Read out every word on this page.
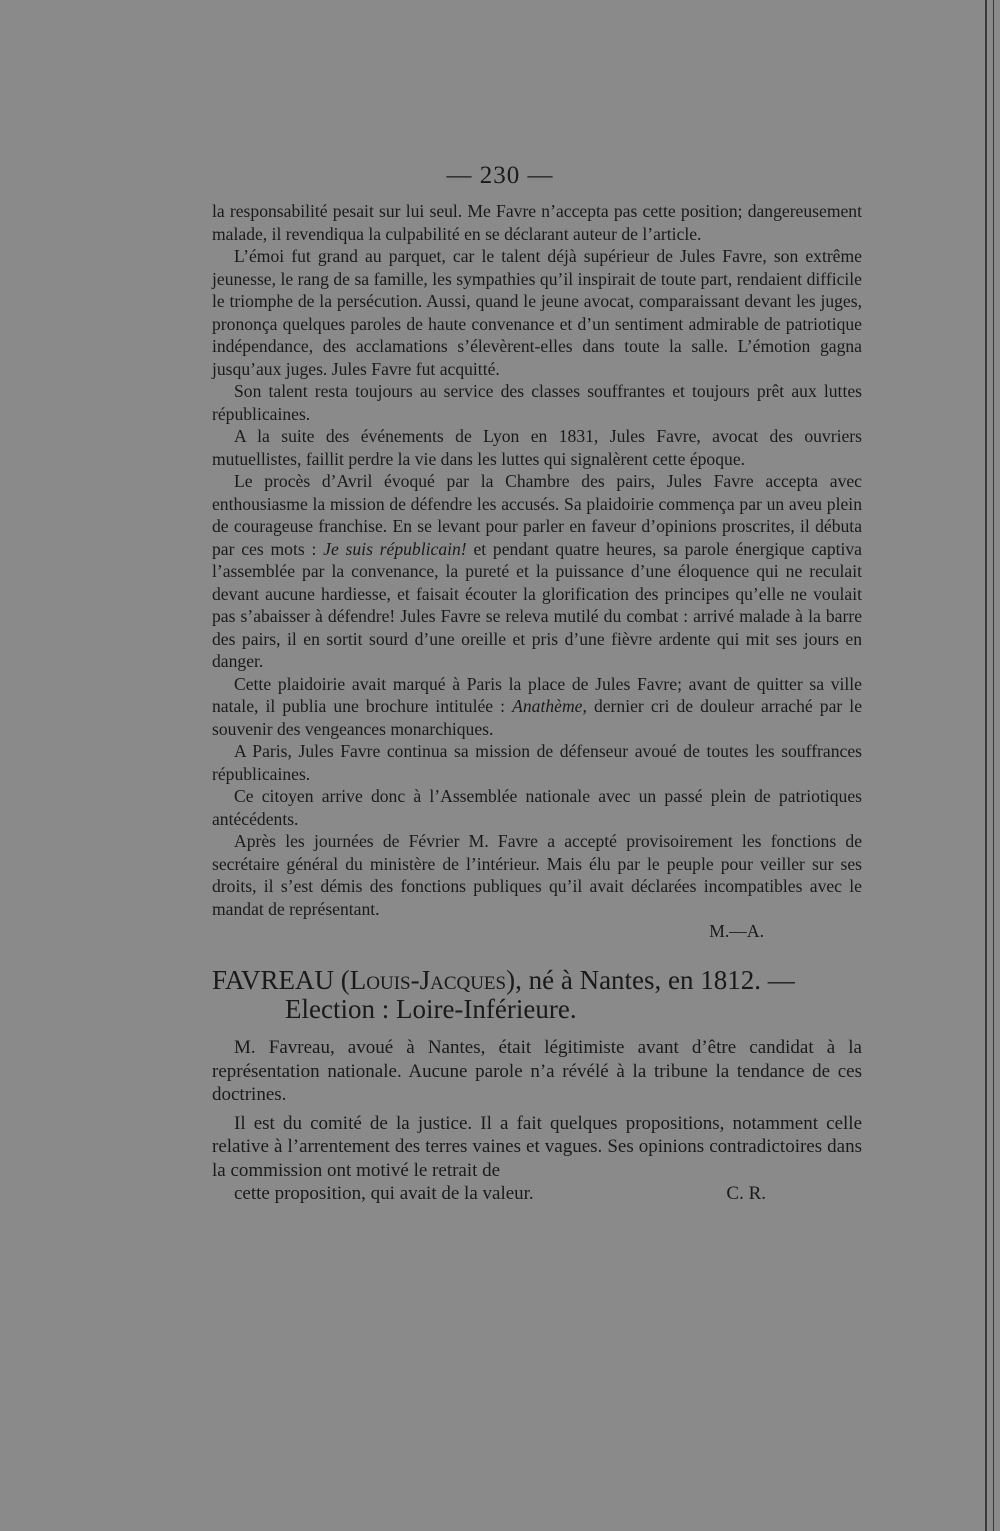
— 230 —

la responsabilité pesait sur lui seul. Me Favre n’accepta pas cette position; dangereusement malade, il revendiqua la culpabilité en se déclarant auteur de l’article.

L’émoi fut grand au parquet, car le talent déjà supérieur de Jules Favre, son extrême jeunesse, le rang de sa famille, les sympathies qu’il inspirait de toute part, rendaient difficile le triomphe de la persécution. Aussi, quand le jeune avocat, comparaissant devant les juges, prononça quelques paroles de haute convenance et d’un sentiment admirable de patriotique indépendance, des acclamations s’élevèrent-elles dans toute la salle. L’émotion gagna jusqu’aux juges. Jules Favre fut acquitté.

Son talent resta toujours au service des classes souffrantes et toujours prêt aux luttes républicaines.

A la suite des événements de Lyon en 1831, Jules Favre, avocat des ouvriers mutuellistes, faillit perdre la vie dans les luttes qui signalèrent cette époque.

Le procès d’Avril évoqué par la Chambre des pairs, Jules Favre accepta avec enthousiasme la mission de défendre les accusés. Sa plaidoirie commença par un aveu plein de courageuse franchise. En se levant pour parler en faveur d’opinions proscrites, il débuta par ces mots : Je suis républicain! et pendant quatre heures, sa parole énergique captiva l’assemblée par la convenance, la pureté et la puissance d’une éloquence qui ne reculait devant aucune hardiesse, et faisait écouter la glorification des principes qu’elle ne voulait pas s’abaisser à défendre! Jules Favre se releva mutilé du combat : arrivé malade à la barre des pairs, il en sortit sourd d’une oreille et pris d’une fièvre ardente qui mit ses jours en danger.

Cette plaidoirie avait marqué à Paris la place de Jules Favre; avant de quitter sa ville natale, il publia une brochure intitulée : Anathème, dernier cri de douleur arraché par le souvenir des vengeances monarchiques.

A Paris, Jules Favre continua sa mission de défenseur avoué de toutes les souffrances républicaines.

Ce citoyen arrive donc à l’Assemblée nationale avec un passé plein de patriotiques antécédents.

Après les journées de Février M. Favre a accepté provisoirement les fonctions de secrétaire général du ministère de l’intérieur. Mais élu par le peuple pour veiller sur ses droits, il s’est démis des fonctions publiques qu’il avait déclarées incompatibles avec le mandat de représentant.

M.—A.
FAVREAU (Louis-Jacques), né à Nantes, en 1812. —
Election : Loire-Inférieure.

M. Favreau, avoué à Nantes, était légitimiste avant d’être candidat à la représentation nationale. Aucune parole n’a révélé à la tribune la tendance de ces doctrines.

Il est du comité de la justice. Il a fait quelques propositions, notamment celle relative à l’arrentement des terres vaines et vagues. Ses opinions contradictoires dans la commission ont motivé le retrait de
cette proposition, qui avait de la valeur.	C. R.
